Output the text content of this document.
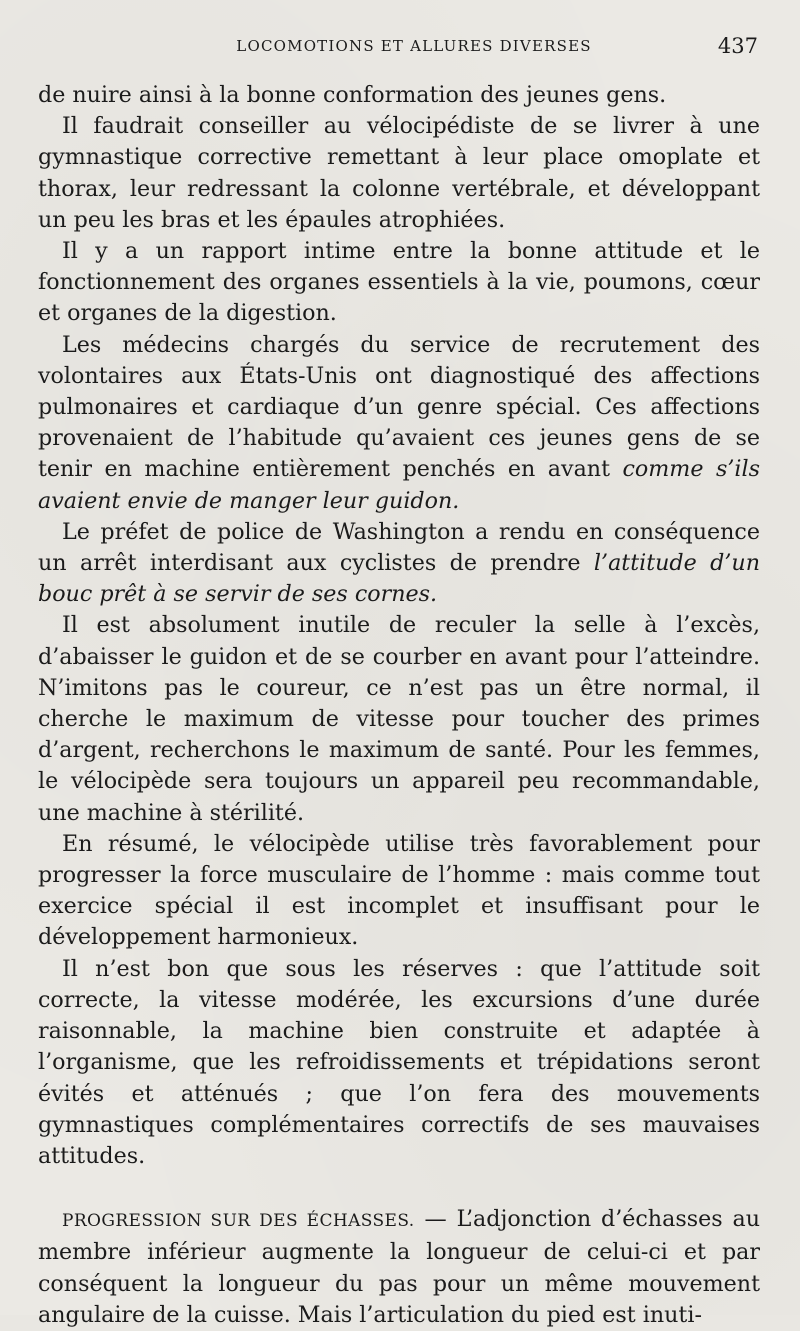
LOCOMOTIONS ET ALLURES DIVERSES	437

de nuire ainsi à la bonne conformation des jeunes gens.

Il faudrait conseiller au vélocipédiste de se livrer à une gymnastique corrective remettant à leur place omoplate et thorax, leur redressant la colonne vertébrale, et développant un peu les bras et les épaules atrophiées.

Il y a un rapport intime entre la bonne attitude et le fonctionnement des organes essentiels à la vie, poumons, cœur et organes de la digestion.

Les médecins chargés du service de recrutement des volontaires aux États-Unis ont diagnostiqué des affections pulmonaires et cardiaque d’un genre spécial. Ces affections provenaient de l’habitude qu’avaient ces jeunes gens de se tenir en machine entièrement penchés en avant comme s’ils avaient envie de manger leur guidon.

Le préfet de police de Washington a rendu en conséquence un arrêt interdisant aux cyclistes de prendre l’attitude d’un bouc prêt à se servir de ses cornes.

Il est absolument inutile de reculer la selle à l’excès, d’abaisser le guidon et de se courber en avant pour l’atteindre. N’imitons pas le coureur, ce n’est pas un être normal, il cherche le maximum de vitesse pour toucher des primes d’argent, recherchons le maximum de santé. Pour les femmes, le vélocipède sera toujours un appareil peu recommandable, une machine à stérilité.

En résumé, le vélocipède utilise très favorablement pour progresser la force musculaire de l’homme : mais comme tout exercice spécial il est incomplet et insuffisant pour le développement harmonieux.

Il n’est bon que sous les réserves : que l’attitude soit correcte, la vitesse modérée, les excursions d’une durée raisonnable, la machine bien construite et adaptée à l’organisme, que les refroidissements et trépidations seront évités et atténués ; que l’on fera des mouvements gymnastiques complémentaires correctifs de ses mauvaises attitudes.

PROGRESSION SUR DES ÉCHASSES. — L’adjonction d’échasses au membre inférieur augmente la longueur de celui-ci et par conséquent la longueur du pas pour un même mouvement angulaire de la cuisse. Mais l’articulation du pied est inuti-
